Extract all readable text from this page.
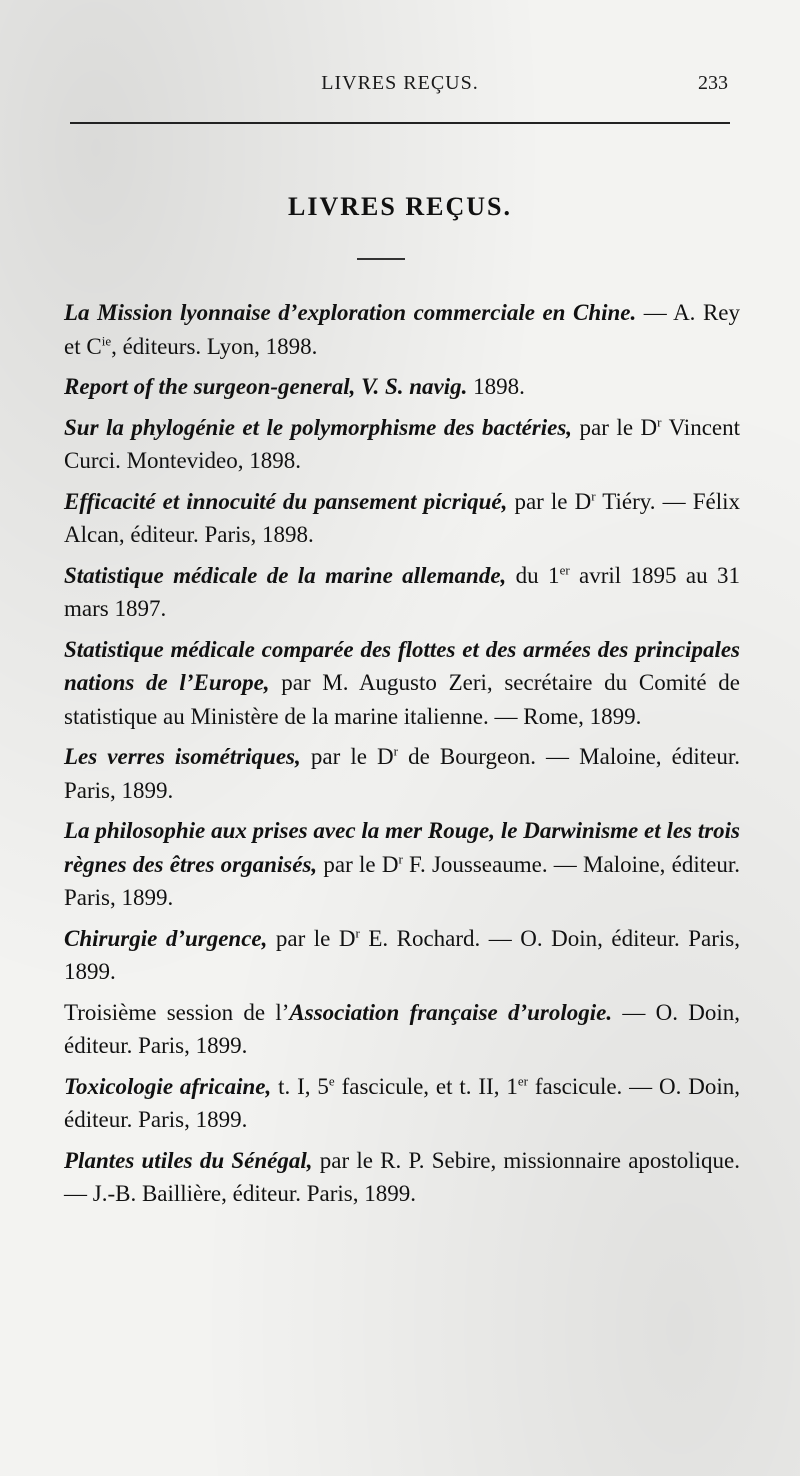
LIVRES REÇUS.	233
LIVRES REÇUS.

La Mission lyonnaise d’exploration commerciale en Chine. — A. Rey et $C^{ie}$, éditeurs. Lyon, 1898.

Report of the surgeon-general, V. S. navig. 1898.

Sur la phylogénie et le polymorphisme des bactéries, par le $D^r$ Vincent Curci. Montevideo, 1898.

Efficacité et innocuité du pansement picriqué, par le $D^r$ Tiéry. — Félix Alcan, éditeur. Paris, 1898.

Statistique médicale de la marine allemande, du 1er avril 1895 au 31 mars 1897.

Statistique médicale comparée des flottes et des armées des principales nations de l’Europe, par M. Augusto Zeri, secrétaire du Comité de statistique au Ministère de la marine italienne. — Rome, 1899.

Les verres isométriques, par le $D^r$ de Bourgeon. — Maloine, éditeur. Paris, 1899.

La philosophie aux prises avec la mer Rouge, le Darwinisme et les trois règnes des êtres organisés, par le $D^r$ F. Jousseaume. — Maloine, éditeur. Paris, 1899.

Chirurgie d’urgence, par le $D^r$ E. Rochard. — O. Doin, éditeur. Paris, 1899.

Troisième session de l’Association française d’urologie. — O. Doin, éditeur. Paris, 1899.

Toxicologie africaine, t. I, 5e fascicule, et t. II, 1er fascicule. — O. Doin, éditeur. Paris, 1899.

Plantes utiles du Sénégal, par le R. P. Sebire, missionnaire apostolique. — J.-B. Baillière, éditeur. Paris, 1899.
